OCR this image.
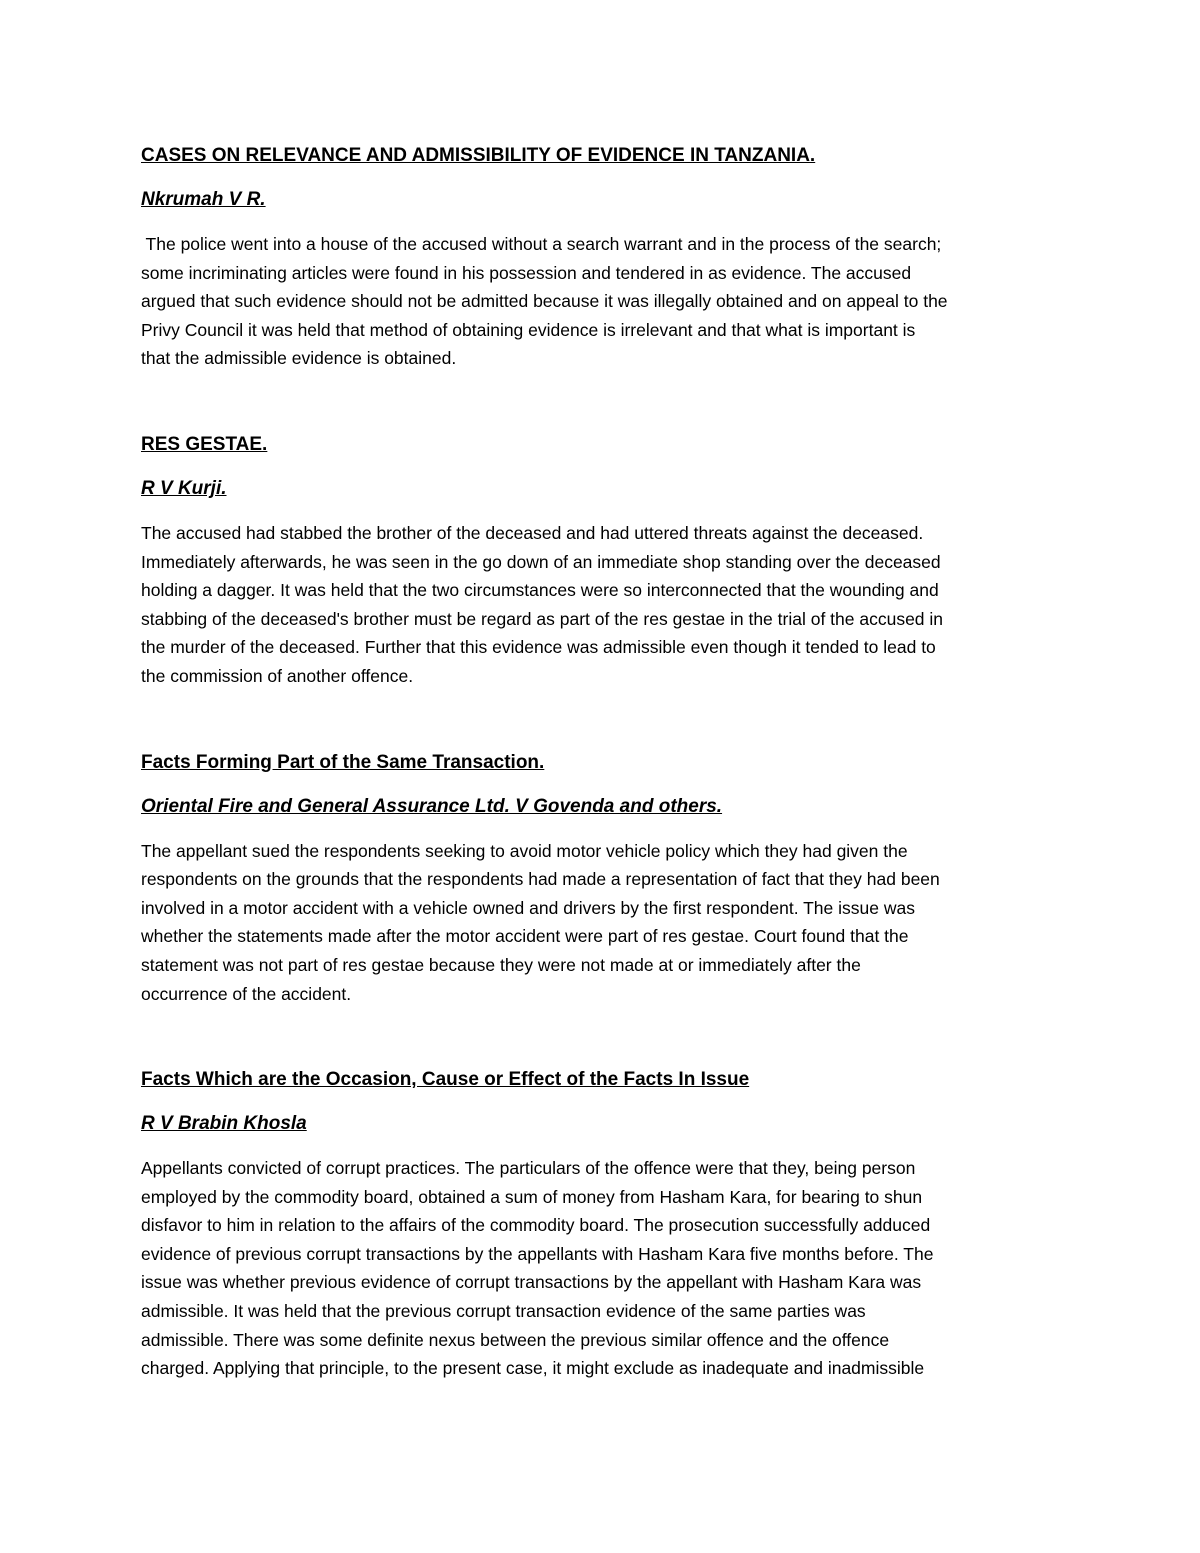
CASES ON RELEVANCE AND ADMISSIBILITY OF EVIDENCE IN TANZANIA.
Nkrumah V R.

The police went into a house of the accused without a search warrant and in the process of the search;
some incriminating articles were found in his possession and tendered in as evidence. The accused
argued that such evidence should not be admitted because it was illegally obtained and on appeal to the
Privy Council it was held that method of obtaining evidence is irrelevant and that what is important is
that the admissible evidence is obtained.

RES GESTAE.
R V Kurji.

The accused had stabbed the brother of the deceased and had uttered threats against the deceased.
Immediately afterwards, he was seen in the go down of an immediate shop standing over the deceased
holding a dagger. It was held that the two circumstances were so interconnected that the wounding and
stabbing of the deceased's brother must be regard as part of the res gestae in the trial of the accused in
the murder of the deceased. Further that this evidence was admissible even though it tended to lead to
the commission of another offence.

Facts Forming Part of the Same Transaction.
Oriental Fire and General Assurance Ltd. V Govenda and others.

The appellant sued the respondents seeking to avoid motor vehicle policy which they had given the
respondents on the grounds that the respondents had made a representation of fact that they had been
involved in a motor accident with a vehicle owned and drivers by the first respondent. The issue was
whether the statements made after the motor accident were part of res gestae. Court found that the
statement was not part of res gestae because they were not made at or immediately after the
occurrence of the accident.

Facts Which are the Occasion, Cause or Effect of the Facts In Issue
R V Brabin Khosla

Appellants convicted of corrupt practices. The particulars of the offence were that they, being person
employed by the commodity board, obtained a sum of money from Hasham Kara, for bearing to shun
disfavor to him in relation to the affairs of the commodity board. The prosecution successfully adduced
evidence of previous corrupt transactions by the appellants with Hasham Kara five months before. The
issue was whether previous evidence of corrupt transactions by the appellant with Hasham Kara was
admissible. It was held that the previous corrupt transaction evidence of the same parties was
admissible. There was some definite nexus between the previous similar offence and the offence
charged. Applying that principle, to the present case, it might exclude as inadequate and inadmissible
